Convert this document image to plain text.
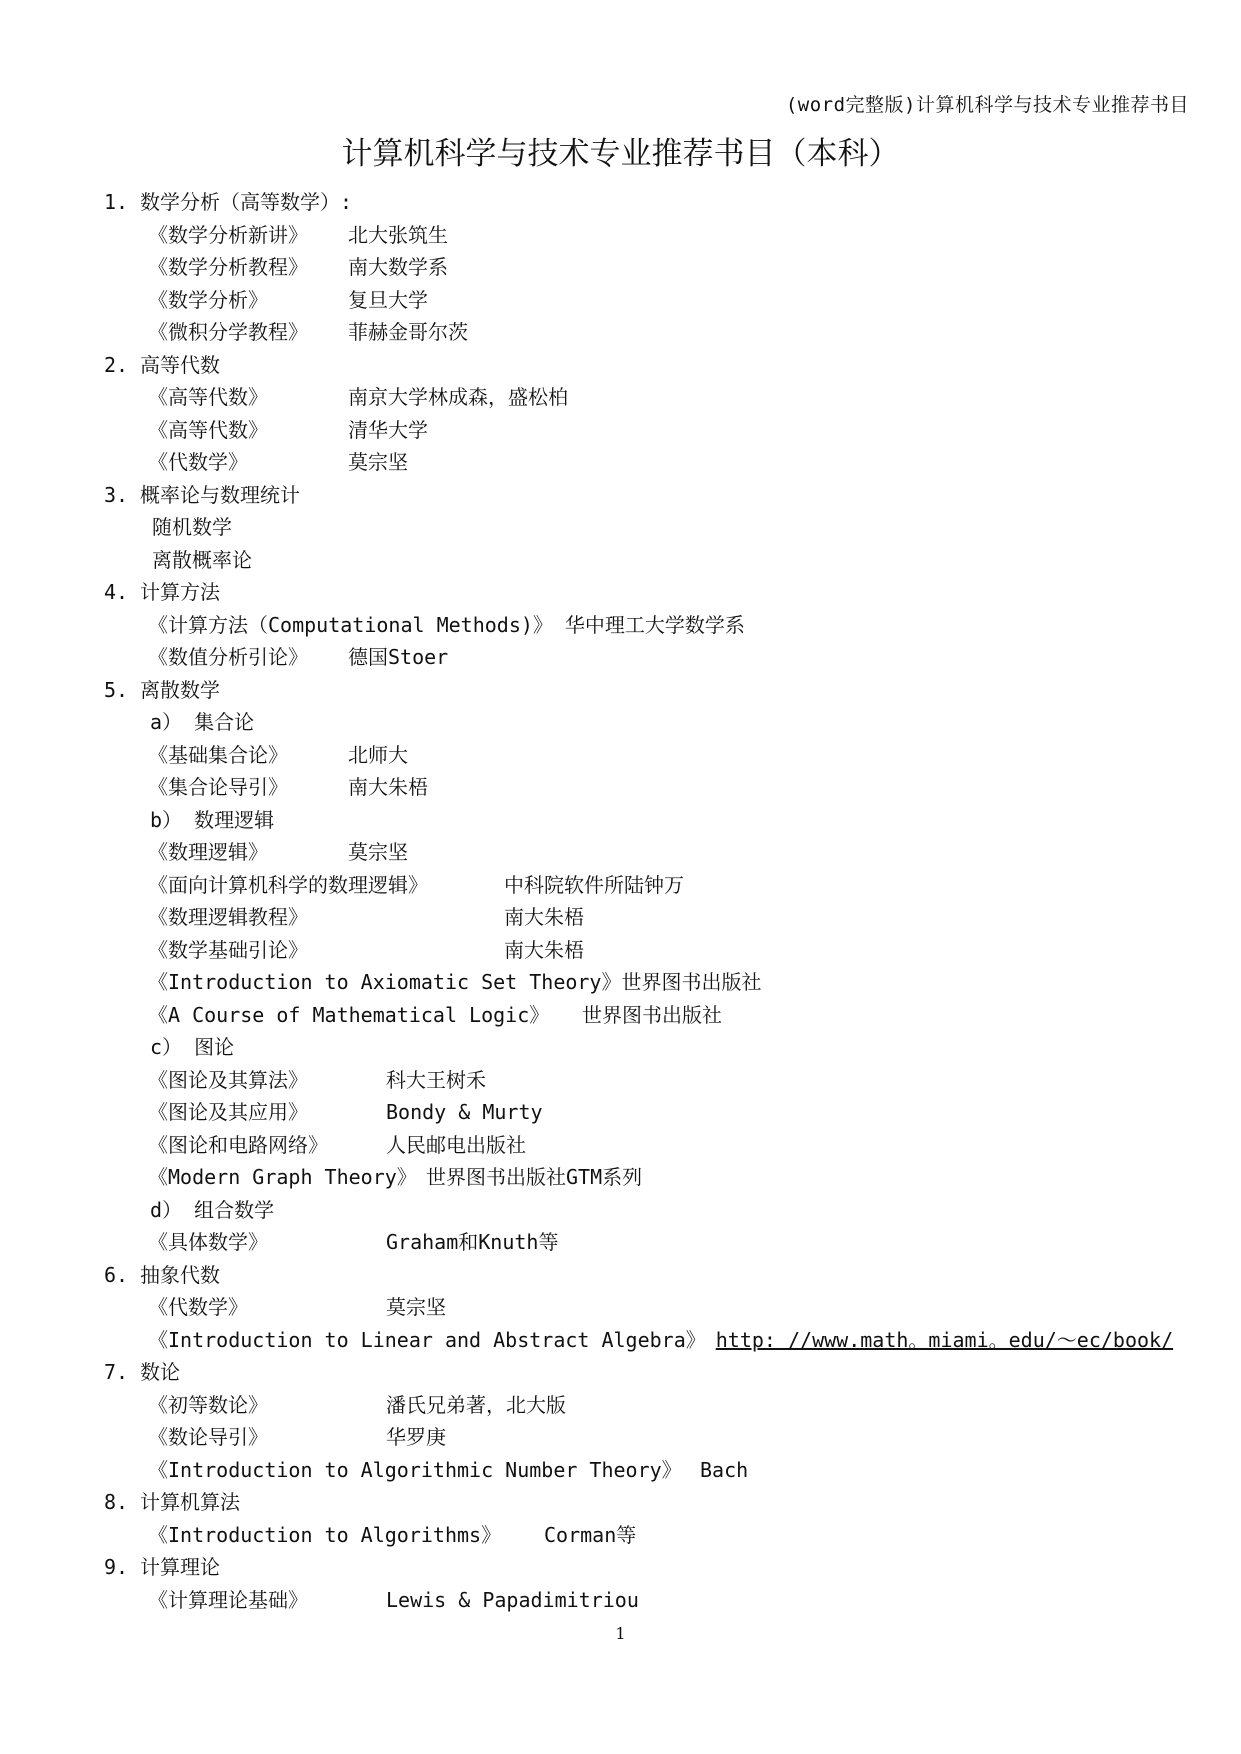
(word完整版)计算机科学与技术专业推荐书目
计算机科学与技术专业推荐书目（本科）
1. 数学分析（高等数学）:
《数学分析新讲》	北大张筑生
《数学分析教程》	南大数学系
《数学分析》	复旦大学
《微积分学教程》	菲赫金哥尔茨
2. 高等代数
《高等代数》	南京大学林成森，盛松柏
《高等代数》	清华大学
《代数学》	莫宗坚
3. 概率论与数理统计
随机数学
离散概率论
4. 计算方法
《计算方法（Computational Methods)》 华中理工大学数学系
《数值分析引论》	德国Stoer
5. 离散数学
a） 集合论
《基础集合论》	北师大
《集合论导引》	南大朱梧
b） 数理逻辑
《数理逻辑》	莫宗坚
《面向计算机科学的数理逻辑》	中科院软件所陆钟万
《数理逻辑教程》	南大朱梧
《数学基础引论》	南大朱梧
《Introduction to Axiomatic Set Theory》 世界图书出版社
《A Course of Mathematical Logic》	世界图书出版社
c） 图论
《图论及其算法》	科大王树禾
《图论及其应用》	Bondy & Murty
《图论和电路网络》	人民邮电出版社
《Modern Graph Theory》 世界图书出版社GTM系列
d） 组合数学
《具体数学》	Graham和Knuth等
6. 抽象代数
《代数学》	莫宗坚
《Introduction to Linear and Abstract Algebra》 http: //www.math。miami。edu/～ec/book/
7. 数论
《初等数论》	潘氏兄弟著，北大版
《数论导引》	华罗庚
《Introduction to Algorithmic Number Theory》 Bach
8. 计算机算法
《Introduction to Algorithms》	Corman等
9. 计算理论
《计算理论基础》	Lewis & Papadimitriou
1
